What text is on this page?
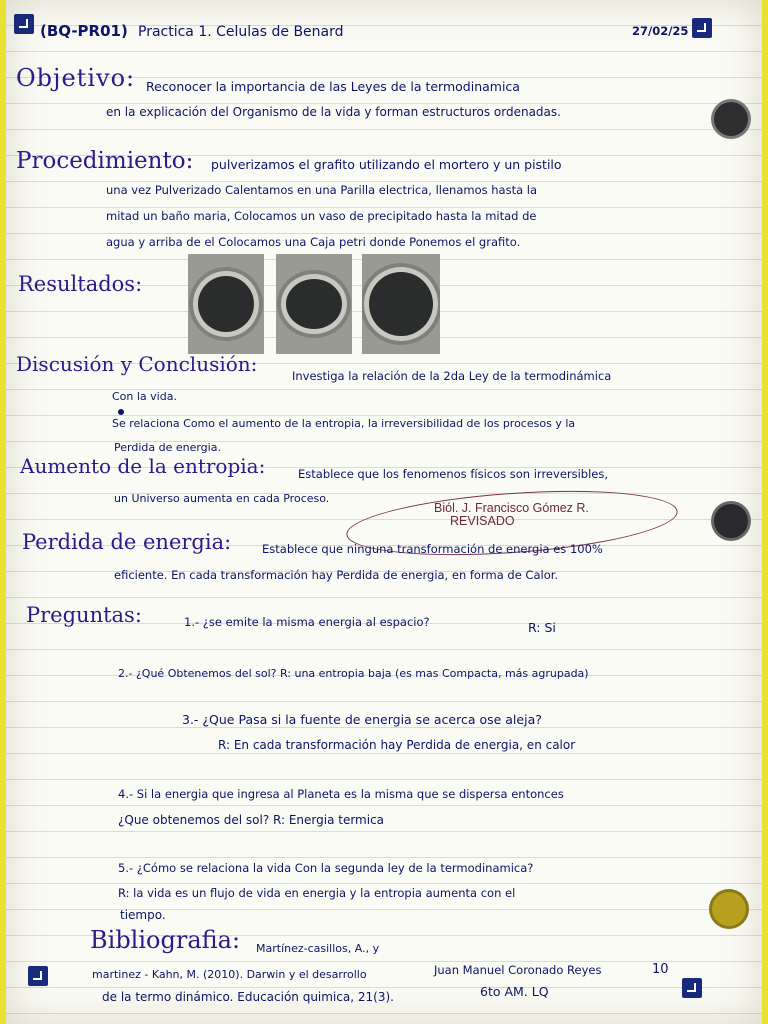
(BQ-PR01) Practica 1. Celulas de Benard	27/02/25
Objetivo: Reconocer la importancia de las Leyes de la termodinamica
en la explicación del Organismo de la vida y forman estructuros ordenadas.
Procedimiento: pulverizamos el grafito utilizando el mortero y un pistilo
una vez Pulverizado Calentamos en una Parilla electrica, llenamos hasta la
mitad un baño maria, Colocamos un vaso de precipitado hasta la mitad de
agua y arriba de el Colocamos una Caja petri donde Ponemos el grafito.
Resultados:
Discusión y Conclusión:	Investiga la relación de la 2da Ley de la termodinámica
Con la vida.
Se relaciona Como el aumento de la entropia, la irreversibilidad de los procesos y la
Perdida de energia.
Aumento de la entropia:	Establece que los fenomenos físicos son irreversibles,
un Universo aumenta en cada Proceso.
Biól. J. Francisco Gómez R.
REVISADO
Perdida de energia:	Establece que ninguna transformación de energia es 100%
eficiente. En cada transformación hay Perdida de energia, en forma de Calor.
Preguntas:	1.- ¿se emite la misma energia al espacio?	R: Si
2.- ¿Qué Obtenemos del sol? R: una entropia baja (es mas Compacta, más agrupada)
3.- ¿Que Pasa si la fuente de energia se acerca ose aleja?
R: En cada transformación hay Perdida de energia, en calor
4.- Si la energia que ingresa al Planeta es la misma que se dispersa entonces
¿Que obtenemos del sol? R: Energia termica
5.- ¿Cómo se relaciona la vida Con la segunda ley de la termodinamica?
R: la vida es un flujo de vida en energia y la entropia aumenta con el
tiempo.
Bibliografia: Martínez-casillos, A., y
martinez - Kahn, M. (2010). Darwin y el desarrollo
de la termo dinámico. Educación quimica, 21(3).
Juan Manuel Coronado Reyes
6to AM. LQ
10
